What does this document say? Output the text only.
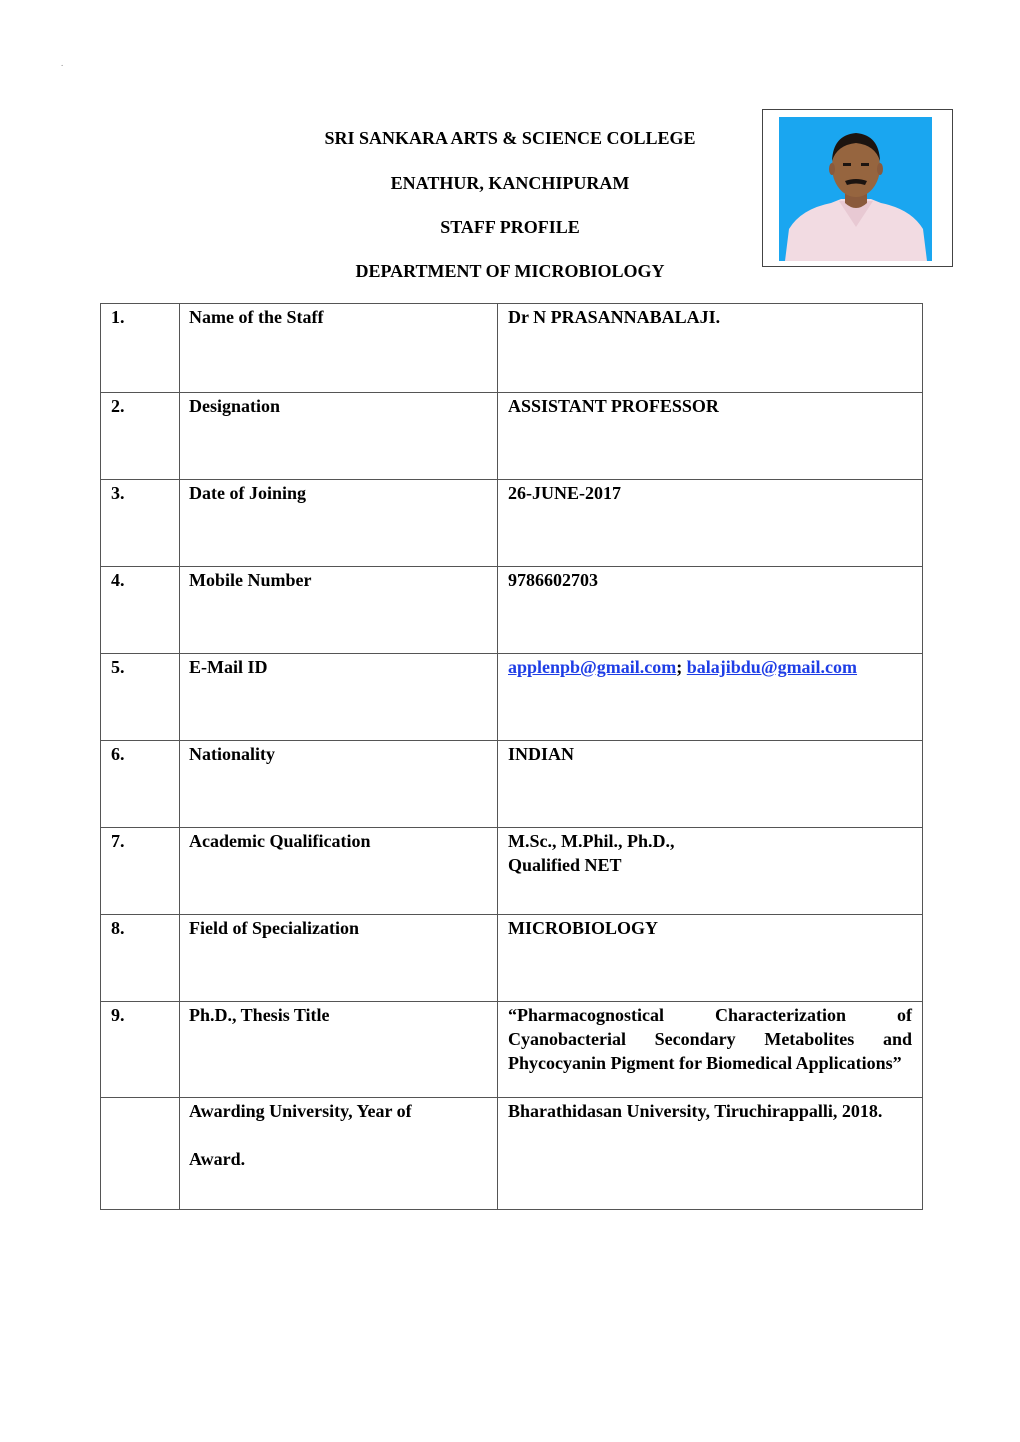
.
SRI SANKARA ARTS & SCIENCE COLLEGE
ENATHUR, KANCHIPURAM
STAFF PROFILE
DEPARTMENT OF MICROBIOLOGY
1.	Name of the Staff	Dr N PRASANNABALAJI.
2.	Designation	ASSISTANT PROFESSOR
3.	Date of Joining	26-JUNE-2017
4.	Mobile Number	9786602703
5.	E-Mail ID	applenpb@gmail.com; balajibdu@gmail.com
6.	Nationality	INDIAN
7.	Academic Qualification	M.Sc., M.Phil., Ph.D.,
Qualified NET

8.	Field of Specialization	MICROBIOLOGY
9.	Ph.D., Thesis Title	“Pharmacognostical Characterization of Cyanobacterial Secondary Metabolites and Phycocyanin Pigment for Biomedical Applications”

	Awarding University, Year of
Award.	Bharathidasan University, Tiruchirappalli, 2018.
